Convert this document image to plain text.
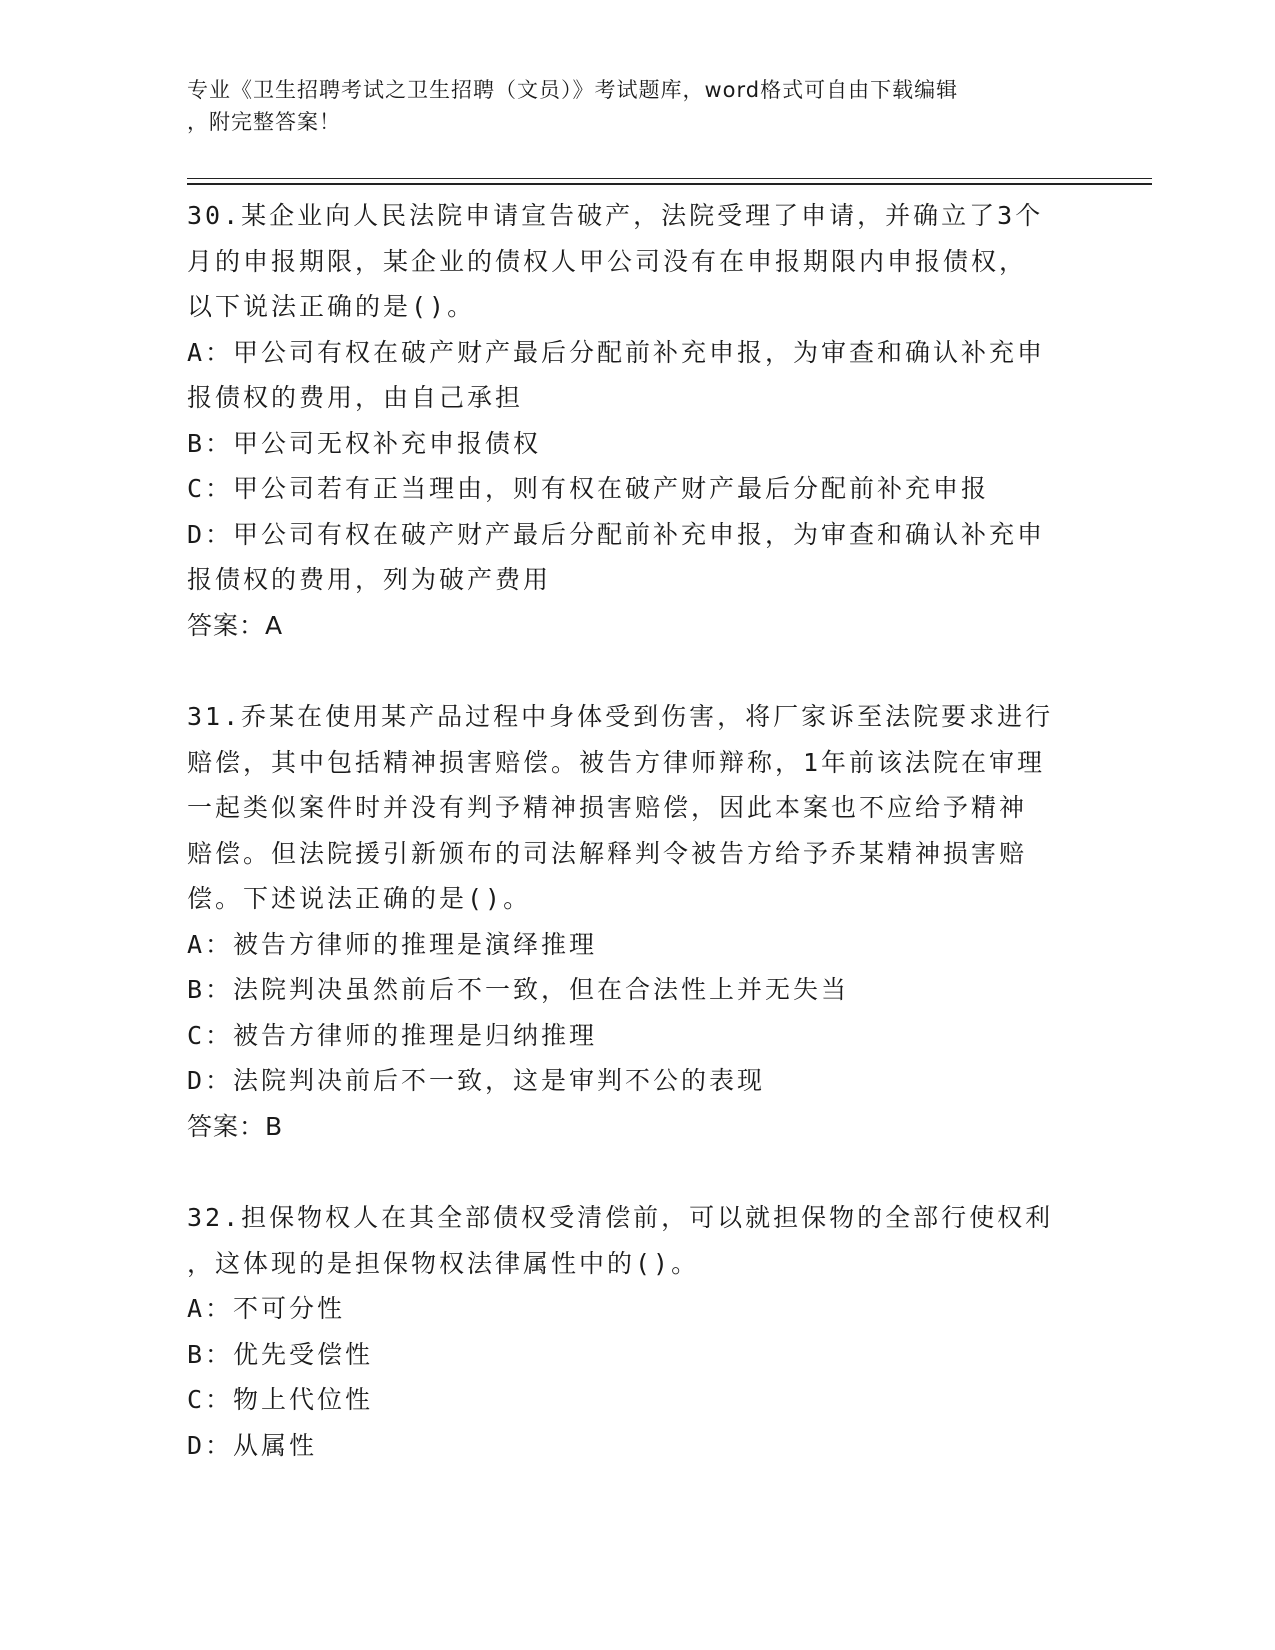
专业《卫生招聘考试之卫生招聘（文员）》考试题库，word格式可自由下载编辑
，附完整答案！
30.某企业向人民法院申请宣告破产，法院受理了申请，并确立了3个
月的申报期限，某企业的债权人甲公司没有在申报期限内申报债权，
以下说法正确的是()。
A：甲公司有权在破产财产最后分配前补充申报，为审查和确认补充申
报债权的费用，由自己承担
B：甲公司无权补充申报债权
C：甲公司若有正当理由，则有权在破产财产最后分配前补充申报
D：甲公司有权在破产财产最后分配前补充申报，为审查和确认补充申
报债权的费用，列为破产费用
答案：A
31.乔某在使用某产品过程中身体受到伤害，将厂家诉至法院要求进行
赔偿，其中包括精神损害赔偿。被告方律师辩称，1年前该法院在审理
一起类似案件时并没有判予精神损害赔偿，因此本案也不应给予精神
赔偿。但法院援引新颁布的司法解释判令被告方给予乔某精神损害赔
偿。下述说法正确的是()。
A：被告方律师的推理是演绎推理
B：法院判决虽然前后不一致，但在合法性上并无失当
C：被告方律师的推理是归纳推理
D：法院判决前后不一致，这是审判不公的表现
答案：B
32.担保物权人在其全部债权受清偿前，可以就担保物的全部行使权利
，这体现的是担保物权法律属性中的()。
A：不可分性
B：优先受偿性
C：物上代位性
D：从属性
